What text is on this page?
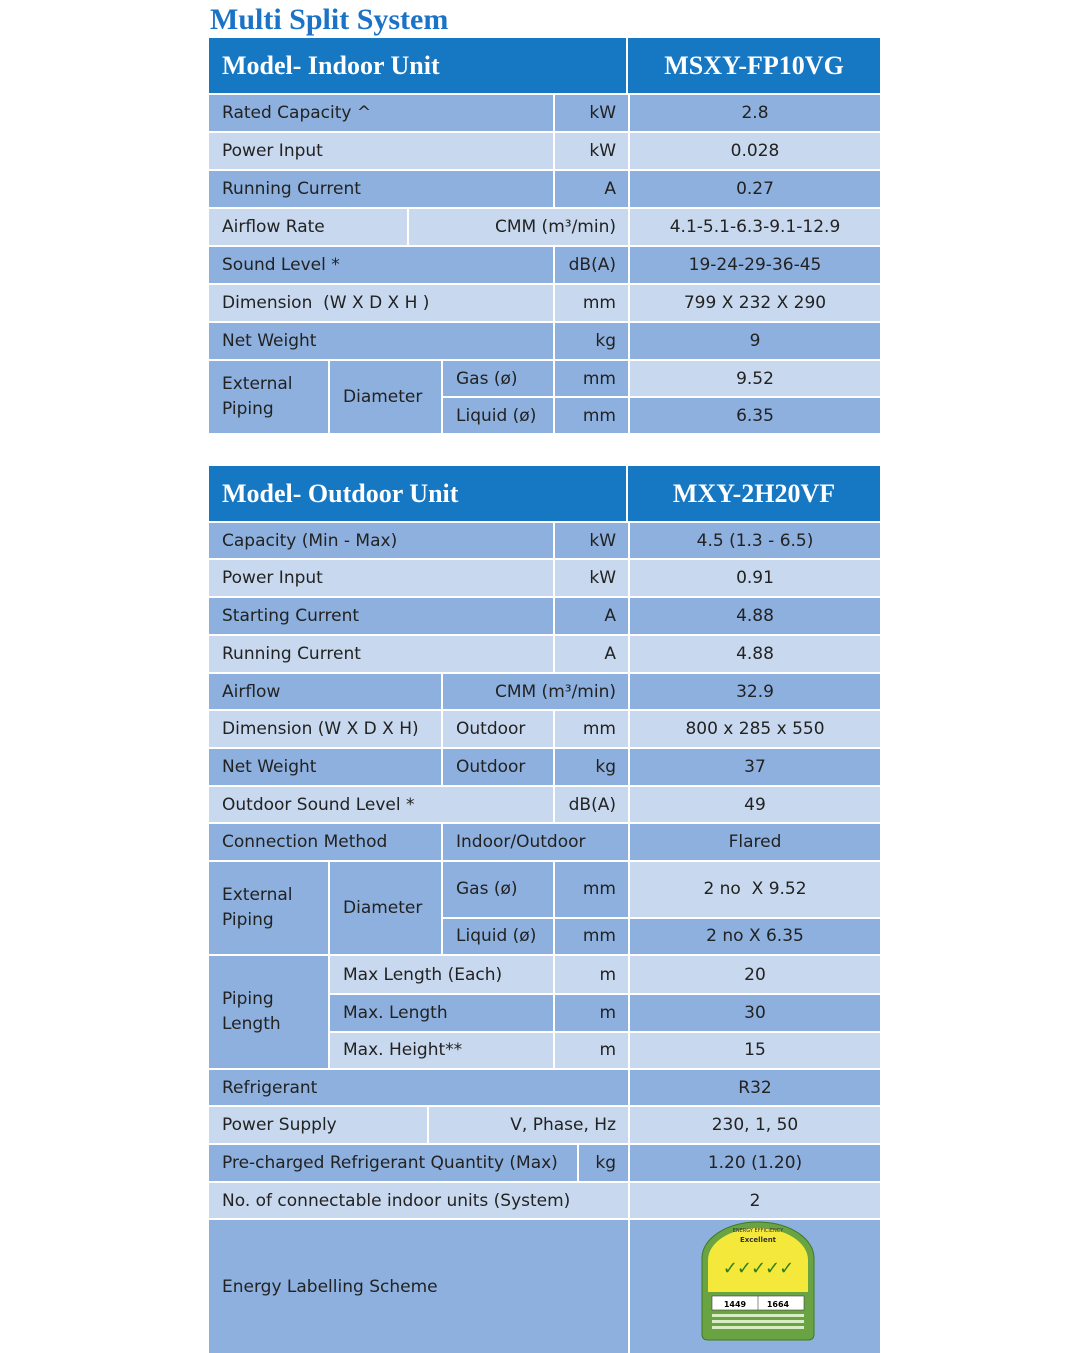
Multi Split System
Model- Indoor Unit	MSXY-FP10VG
Rated Capacity ^	kW	2.8
Power Input	kW	0.028
Running Current	A	0.27
Airflow Rate	CMM (m³/min)	4.1-5.1-6.3-9.1-12.9
Sound Level *	dB(A)	19-24-29-36-45
Dimension  (W X D X H )	mm	799 X 232 X 290
Net Weight	kg	9
External Piping
Diameter
Gas (ø)	mm	9.52
Liquid (ø)	mm	6.35
Model- Outdoor Unit	MXY-2H20VF
Capacity (Min - Max)	kW	4.5 (1.3 - 6.5)
Power Input	kW	0.91
Starting Current	A	4.88
Running Current	A	4.88
Airflow	CMM (m³/min)	32.9
Dimension (W X D X H)	Outdoor	mm	800 x 285 x 550
Net Weight	Outdoor	kg	37
Outdoor Sound Level *	dB(A)	49
Connection Method	Indoor/Outdoor	Flared
External Piping
Diameter
Gas (ø)	mm	2 no  X 9.52
Liquid (ø)	mm	2 no X 6.35
Piping Length
Max Length (Each)	m	20
Max. Length	m	30
Max. Height**	m	15
Refrigerant	R32
Power Supply	V, Phase, Hz	230, 1, 50
Pre-charged Refrigerant Quantity (Max)	kg	1.20 (1.20)
No. of connectable indoor units (System)	2
Energy Labelling Scheme
ENERGY EFFICIENCY
Excellent
✓✓✓✓✓
1449	1664
